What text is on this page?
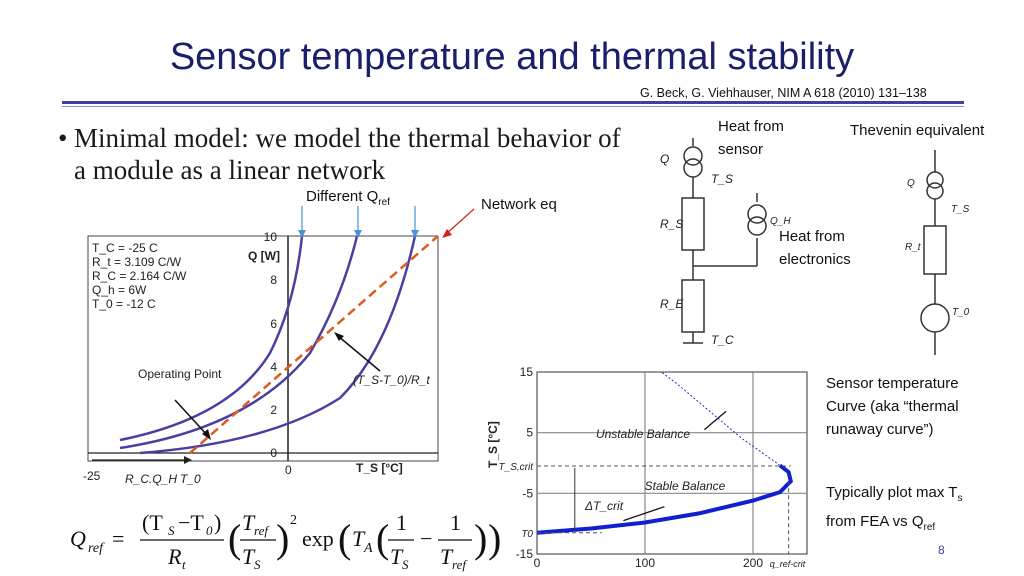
Sensor temperature and thermal stability
G. Beck, G. Viehhauser, NIM A 618 (2010) 131–138
• Minimal model: we model the thermal behavior of a module as a linear network
Different $Q_{ref}$	Network eq
Heat from sensor
Thevenin equivalent
Heat from electronics
Sensor temperature Curve (aka “thermal runaway curve”)
Typically plot $\max T_s$
from FEA vs $Q_{ref}$
10
8
6
4
2
0
Q [W]
T_C = -25 C
R_t = 3.109 C/W
R_C = 2.164 C/W
Q_h = 6W
T_0 = -12 C
-25 R_C.Q_H T_0
0	T_S [°C]
Operating Point	(T_S-T_0)/R_t
Q
T_S
R_S	Q_H
R_E
T_C
Q
T_S
R_t
T_0
15
5
T_S,crit
-5
T0
-15
0	100	200 q_ref-crit
Unstable Balance
Stable Balance
ΔT_crit
T_S [°C]
Q ref =
(T S −T 0 )
R t
( T ref
T S
) 2
exp ( T A ( 1
T S
−
1
T ref
) )	8
